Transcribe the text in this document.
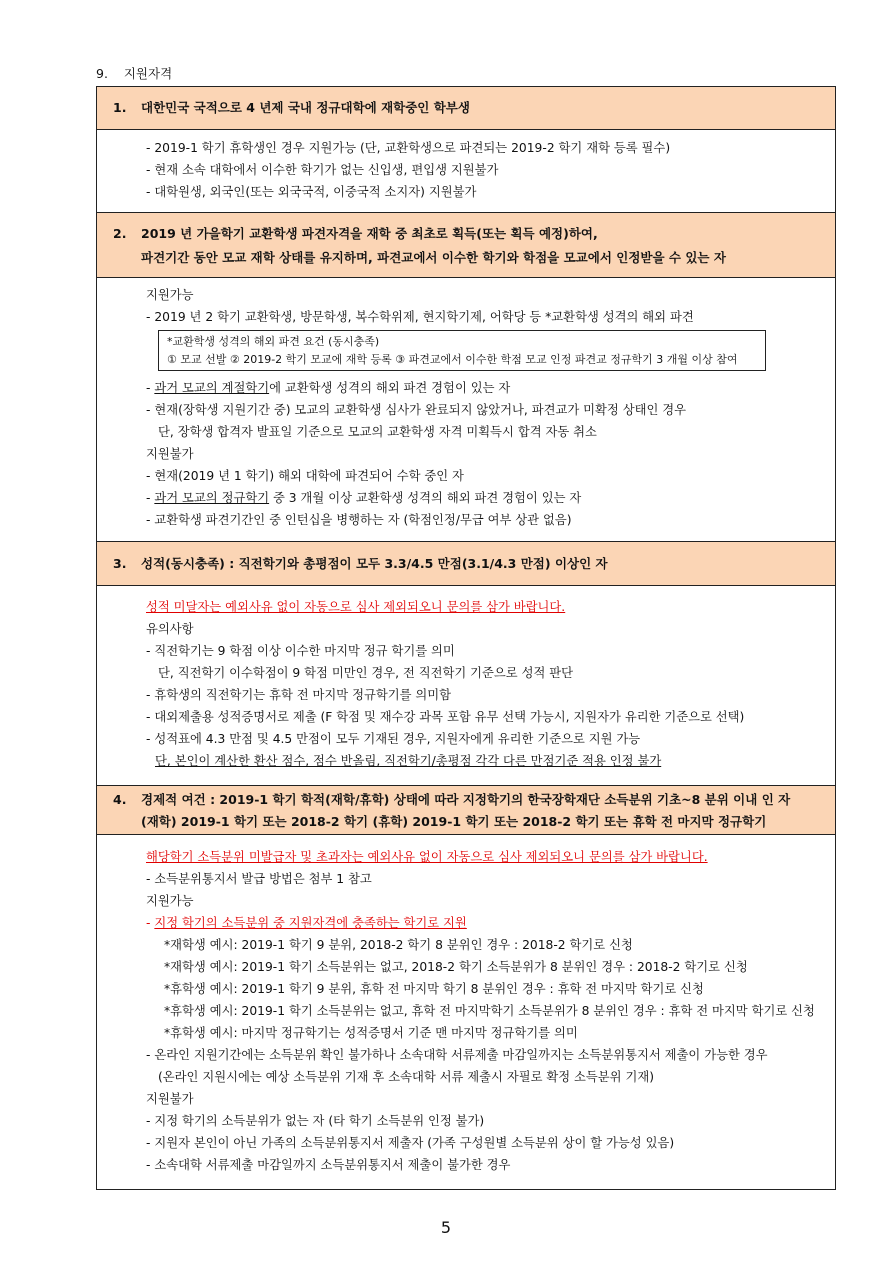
9. 지원자격
1. 대한민국 국적으로 4 년제 국내 정규대학에 재학중인 학부생
- 2019-1 학기 휴학생인 경우 지원가능 (단, 교환학생으로 파견되는 2019-2 학기 재학 등록 필수)
- 현재 소속 대학에서 이수한 학기가 없는 신입생, 편입생 지원불가
- 대학원생, 외국인(또는 외국국적, 이중국적 소지자) 지원불가
2. 2019 년 가을학기 교환학생 파견자격을 재학 중 최초로 획득(또는 획득 예정)하여,
파견기간 동안 모교 재학 상태를 유지하며, 파견교에서 이수한 학기와 학점을 모교에서 인정받을 수 있는 자
지원가능
- 2019 년 2 학기 교환학생, 방문학생, 복수학위제, 현지학기제, 어학당 등 *교환학생 성격의 해외 파견
*교환학생 성격의 해외 파견 요건 (동시충족)
① 모교 선발 ② 2019-2 학기 모교에 재학 등록 ③ 파견교에서 이수한 학점 모교 인정 파견교 정규학기 3 개월 이상 참여
- 과거 모교의 계절학기에 교환학생 성격의 해외 파견 경험이 있는 자
- 현재(장학생 지원기간 중) 모교의 교환학생 심사가 완료되지 않았거나, 파견교가 미확정 상태인 경우
단, 장학생 합격자 발표일 기준으로 모교의 교환학생 자격 미획득시 합격 자동 취소
지원불가
- 현재(2019 년 1 학기) 해외 대학에 파견되어 수학 중인 자
- 과거 모교의 정규학기 중 3 개월 이상 교환학생 성격의 해외 파견 경험이 있는 자
- 교환학생 파견기간인 중 인턴십을 병행하는 자 (학점인정/무급 여부 상관 없음)
3. 성적(동시충족) : 직전학기와 총평점이 모두 3.3/4.5 만점(3.1/4.3 만점) 이상인 자
성적 미달자는 예외사유 없이 자동으로 심사 제외되오니 문의를 삼가 바랍니다.
유의사항
- 직전학기는 9 학점 이상 이수한 마지막 정규 학기를 의미
단, 직전학기 이수학점이 9 학점 미만인 경우, 전 직전학기 기준으로 성적 판단
- 휴학생의 직전학기는 휴학 전 마지막 정규학기를 의미함
- 대외제출용 성적증명서로 제출 (F 학점 및 재수강 과목 포함 유무 선택 가능시, 지원자가 유리한 기준으로 선택)
- 성적표에 4.3 만점 및 4.5 만점이 모두 기재된 경우, 지원자에게 유리한 기준으로 지원 가능
단, 본인이 계산한 환산 점수, 점수 반올림, 직전학기/총평점 각각 다른 만점기준 적용 인정 불가
4. 경제적 여건 : 2019-1 학기 학적(재학/휴학) 상태에 따라 지정학기의 한국장학재단 소득분위 기초~8 분위 이내 인 자
(재학) 2019-1 학기 또는 2018-2 학기 (휴학) 2019-1 학기 또는 2018-2 학기 또는 휴학 전 마지막 정규학기
해당학기 소득분위 미발급자 및 초과자는 예외사유 없이 자동으로 심사 제외되오니 문의를 삼가 바랍니다.
- 소득분위통지서 발급 방법은 첨부 1 참고
지원가능
- 지정 학기의 소득분위 중 지원자격에 충족하는 학기로 지원
*재학생 예시: 2019-1 학기 9 분위, 2018-2 학기 8 분위인 경우 : 2018-2 학기로 신청
*재학생 예시: 2019-1 학기 소득분위는 없고, 2018-2 학기 소득분위가 8 분위인 경우 : 2018-2 학기로 신청
*휴학생 예시: 2019-1 학기 9 분위, 휴학 전 마지막 학기 8 분위인 경우 : 휴학 전 마지막 학기로 신청
*휴학생 예시: 2019-1 학기 소득분위는 없고, 휴학 전 마지막학기 소득분위가 8 분위인 경우 : 휴학 전 마지막 학기로 신청
*휴학생 예시: 마지막 정규학기는 성적증명서 기준 맨 마지막 정규학기를 의미
- 온라인 지원기간에는 소득분위 확인 불가하나 소속대학 서류제출 마감일까지는 소득분위통지서 제출이 가능한 경우
(온라인 지원시에는 예상 소득분위 기재 후 소속대학 서류 제출시 자필로 확정 소득분위 기재)
지원불가
- 지정 학기의 소득분위가 없는 자 (타 학기 소득분위 인정 불가)
- 지원자 본인이 아닌 가족의 소득분위통지서 제출자 (가족 구성원별 소득분위 상이 할 가능성 있음)
- 소속대학 서류제출 마감일까지 소득분위통지서 제출이 불가한 경우
5
